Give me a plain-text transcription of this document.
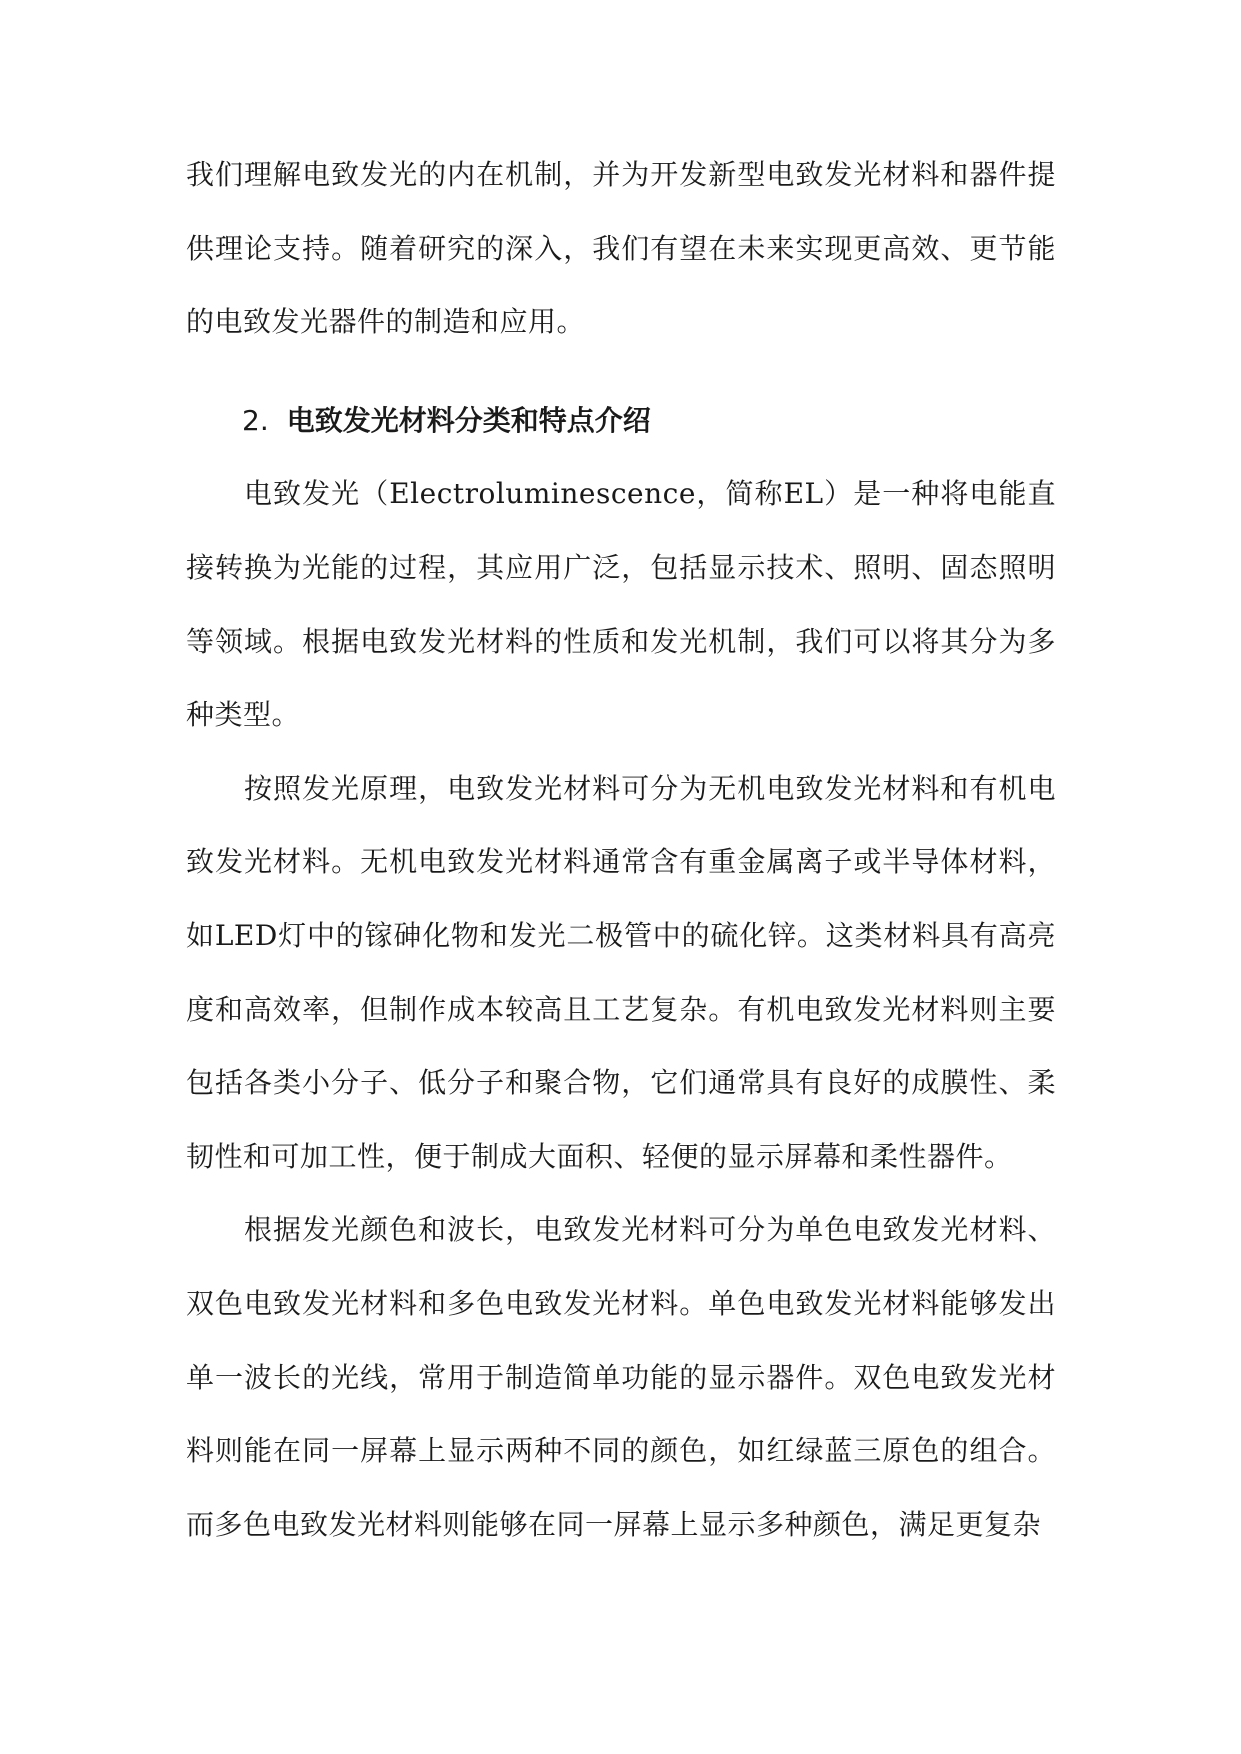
我们理解电致发光的内在机制，并为开发新型电致发光材料和器件提供理论支持。随着研究的深入，我们有望在未来实现更高效、更节能的电致发光器件的制造和应用。

2. 电致发光材料分类和特点介绍

电致发光（Electroluminescence，简称EL）是一种将电能直接转换为光能的过程，其应用广泛，包括显示技术、照明、固态照明等领域。根据电致发光材料的性质和发光机制，我们可以将其分为多种类型。

按照发光原理，电致发光材料可分为无机电致发光材料和有机电致发光材料。无机电致发光材料通常含有重金属离子或半导体材料，如LED灯中的镓砷化物和发光二极管中的硫化锌。这类材料具有高亮度和高效率，但制作成本较高且工艺复杂。有机电致发光材料则主要包括各类小分子、低分子和聚合物，它们通常具有良好的成膜性、柔韧性和可加工性，便于制成大面积、轻便的显示屏幕和柔性器件。

根据发光颜色和波长，电致发光材料可分为单色电致发光材料、双色电致发光材料和多色电致发光材料。单色电致发光材料能够发出单一波长的光线，常用于制造简单功能的显示器件。双色电致发光材料则能在同一屏幕上显示两种不同的颜色，如红绿蓝三原色的组合。而多色电致发光材料则能够在同一屏幕上显示多种颜色，满足更复杂
